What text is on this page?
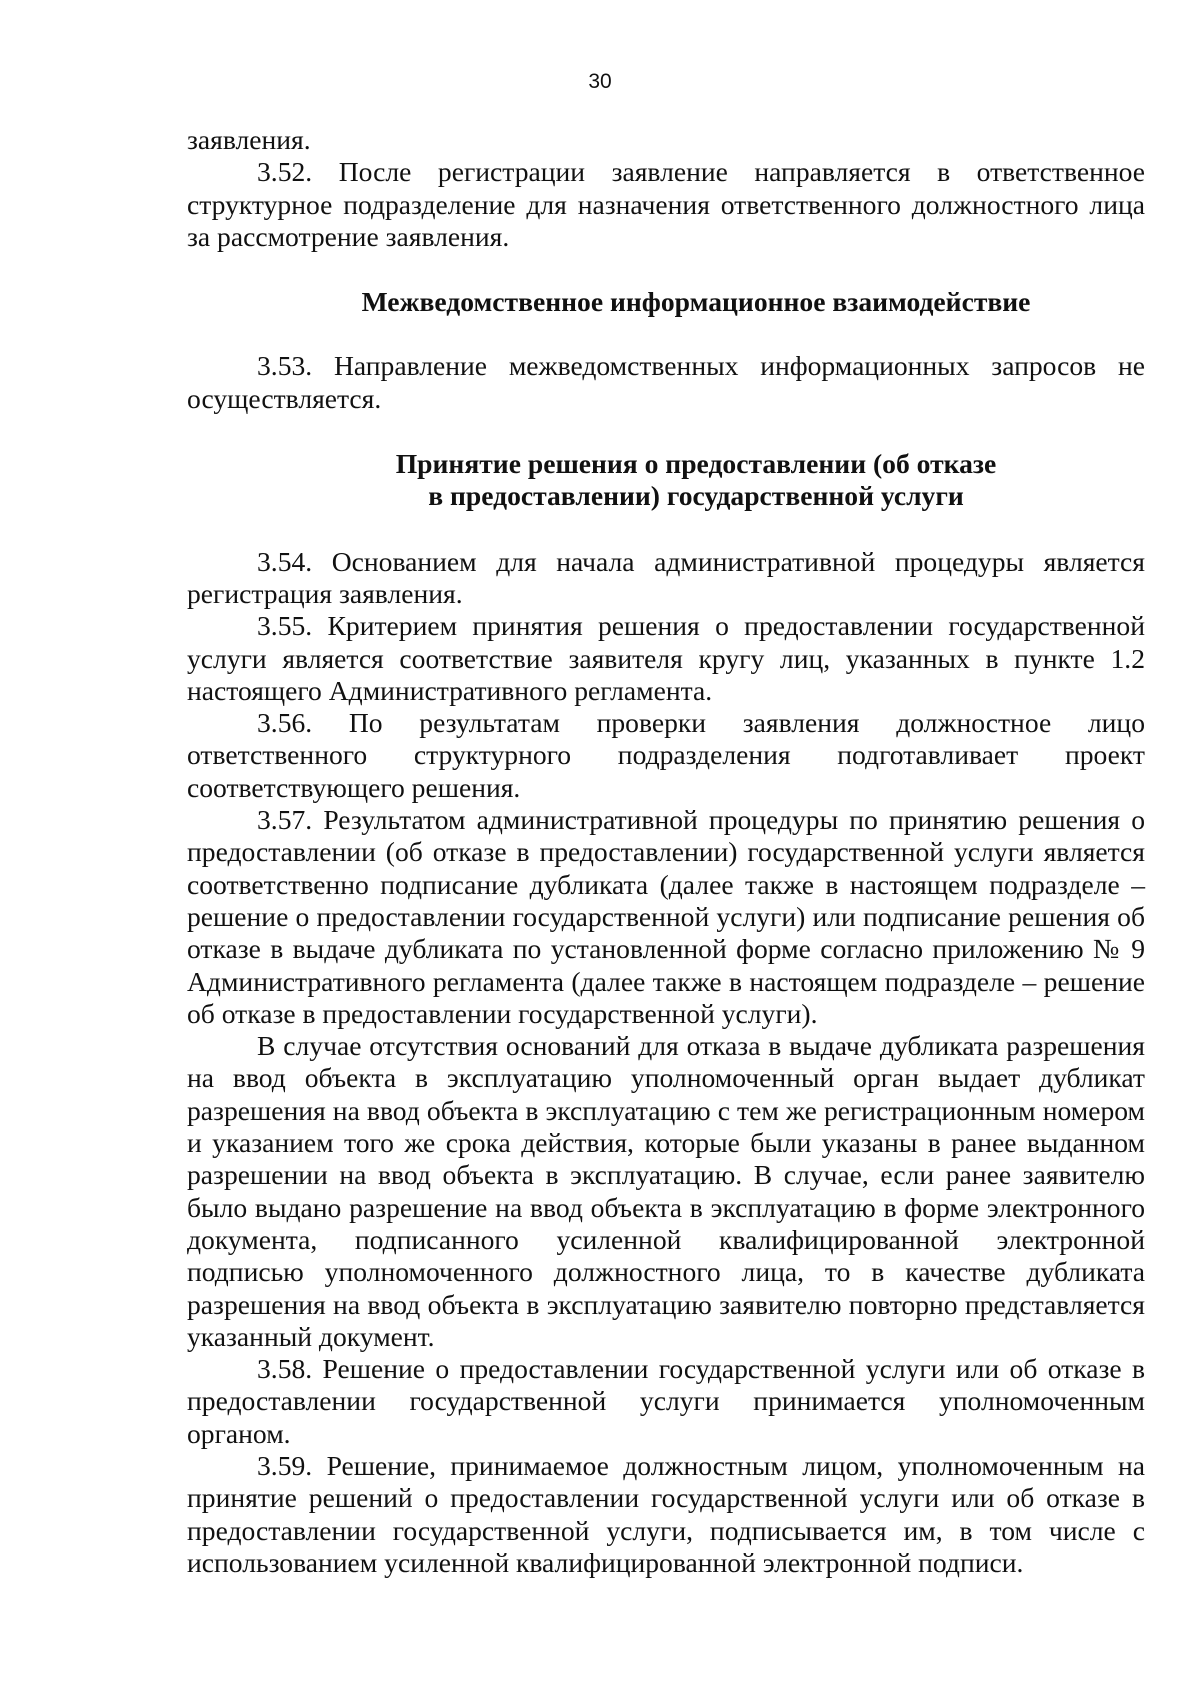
30

заявления.

3.52. После регистрации заявление направляется в ответственное структурное подразделение для назначения ответственного должностного лица за рассмотрение заявления.

Межведомственное информационное взаимодействие

3.53. Направление межведомственных информационных запросов не осуществляется.

Принятие решения о предоставлении (об отказе
в предоставлении) государственной услуги

3.54. Основанием для начала административной процедуры является регистрация заявления.

3.55. Критерием принятия решения о предоставлении государственной услуги является соответствие заявителя кругу лиц, указанных в пункте 1.2 настоящего Административного регламента.

3.56. По результатам проверки заявления должностное лицо ответственного структурного подразделения подготавливает проект соответствующего решения.

3.57. Результатом административной процедуры по принятию решения о предоставлении (об отказе в предоставлении) государственной услуги является соответственно подписание дубликата (далее также в настоящем подразделе – решение о предоставлении государственной услуги) или подписание решения об отказе в выдаче дубликата по установленной форме согласно приложению № 9 Административного регламента (далее также в настоящем подразделе – решение об отказе в предоставлении государственной услуги).

В случае отсутствия оснований для отказа в выдаче дубликата разрешения на ввод объекта в эксплуатацию уполномоченный орган выдает дубликат разрешения на ввод объекта в эксплуатацию с тем же регистрационным номером и указанием того же срока действия, которые были указаны в ранее выданном разрешении на ввод объекта в эксплуатацию. В случае, если ранее заявителю было выдано разрешение на ввод объекта в эксплуатацию в форме электронного документа, подписанного усиленной квалифицированной электронной подписью уполномоченного должностного лица, то в качестве дубликата разрешения на ввод объекта в эксплуатацию заявителю повторно представляется указанный документ.

3.58. Решение о предоставлении государственной услуги или об отказе в предоставлении государственной услуги принимается уполномоченным органом.

3.59. Решение, принимаемое должностным лицом, уполномоченным на принятие решений о предоставлении государственной услуги или об отказе в предоставлении государственной услуги, подписывается им, в том числе с использованием усиленной квалифицированной электронной подписи.
